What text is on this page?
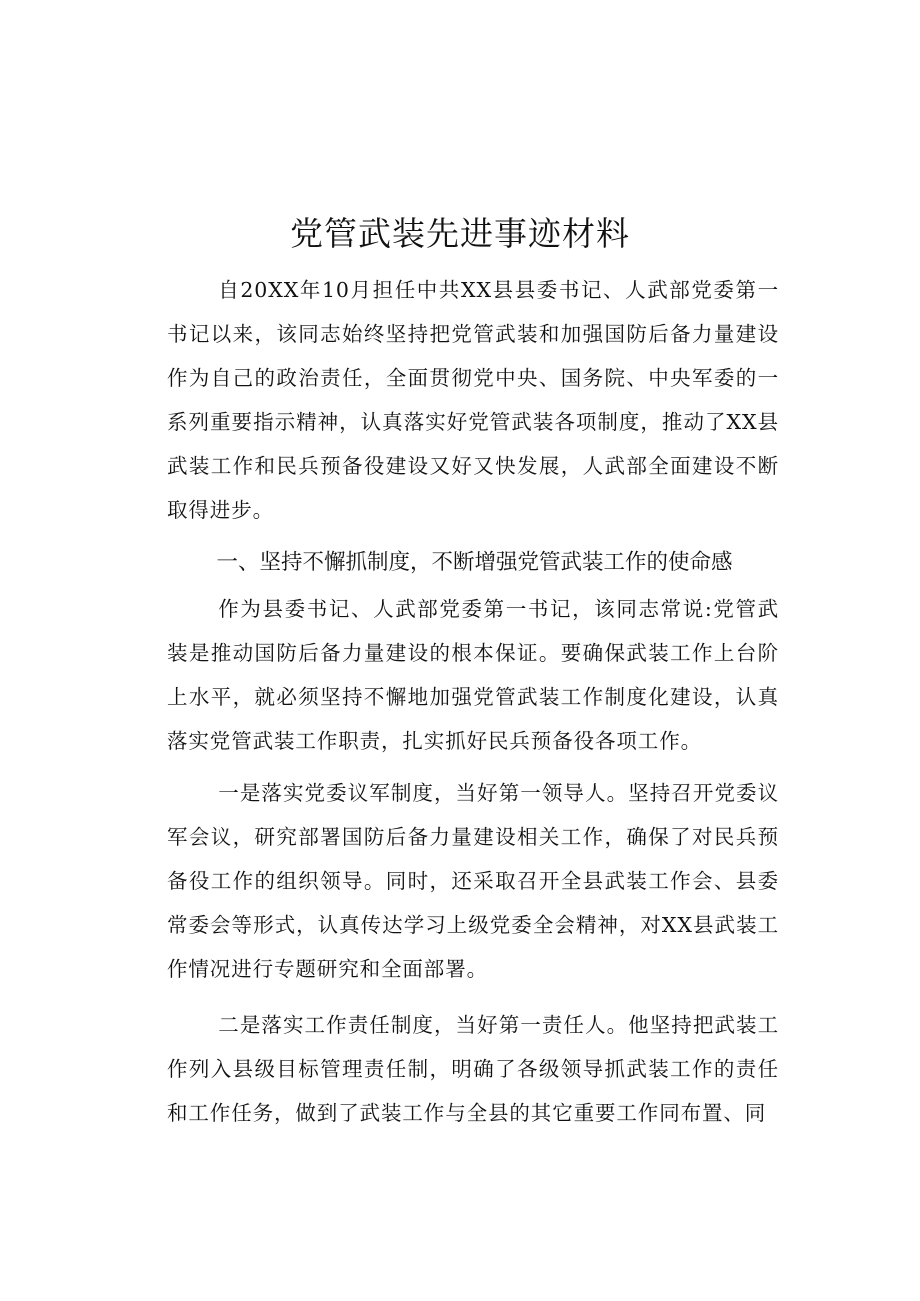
党管武装先进事迹材料

自20XX年10月担任中共XX县县委书记、人武部党委第一书记以来，该同志始终坚持把党管武装和加强国防后备力量建设作为自己的政治责任，全面贯彻党中央、国务院、中央军委的一系列重要指示精神，认真落实好党管武装各项制度，推动了XX县武装工作和民兵预备役建设又好又快发展，人武部全面建设不断取得进步。

一、坚持不懈抓制度，不断增强党管武装工作的使命感

作为县委书记、人武部党委第一书记，该同志常说:党管武装是推动国防后备力量建设的根本保证。要确保武装工作上台阶上水平，就必须坚持不懈地加强党管武装工作制度化建设，认真落实党管武装工作职责，扎实抓好民兵预备役各项工作。

一是落实党委议军制度，当好第一领导人。坚持召开党委议军会议，研究部署国防后备力量建设相关工作，确保了对民兵预备役工作的组织领导。同时，还采取召开全县武装工作会、县委常委会等形式，认真传达学习上级党委全会精神，对XX县武装工作情况进行专题研究和全面部署。

二是落实工作责任制度，当好第一责任人。他坚持把武装工作列入县级目标管理责任制，明确了各级领导抓武装工作的责任和工作任务，做到了武装工作与全县的其它重要工作同布置、同
